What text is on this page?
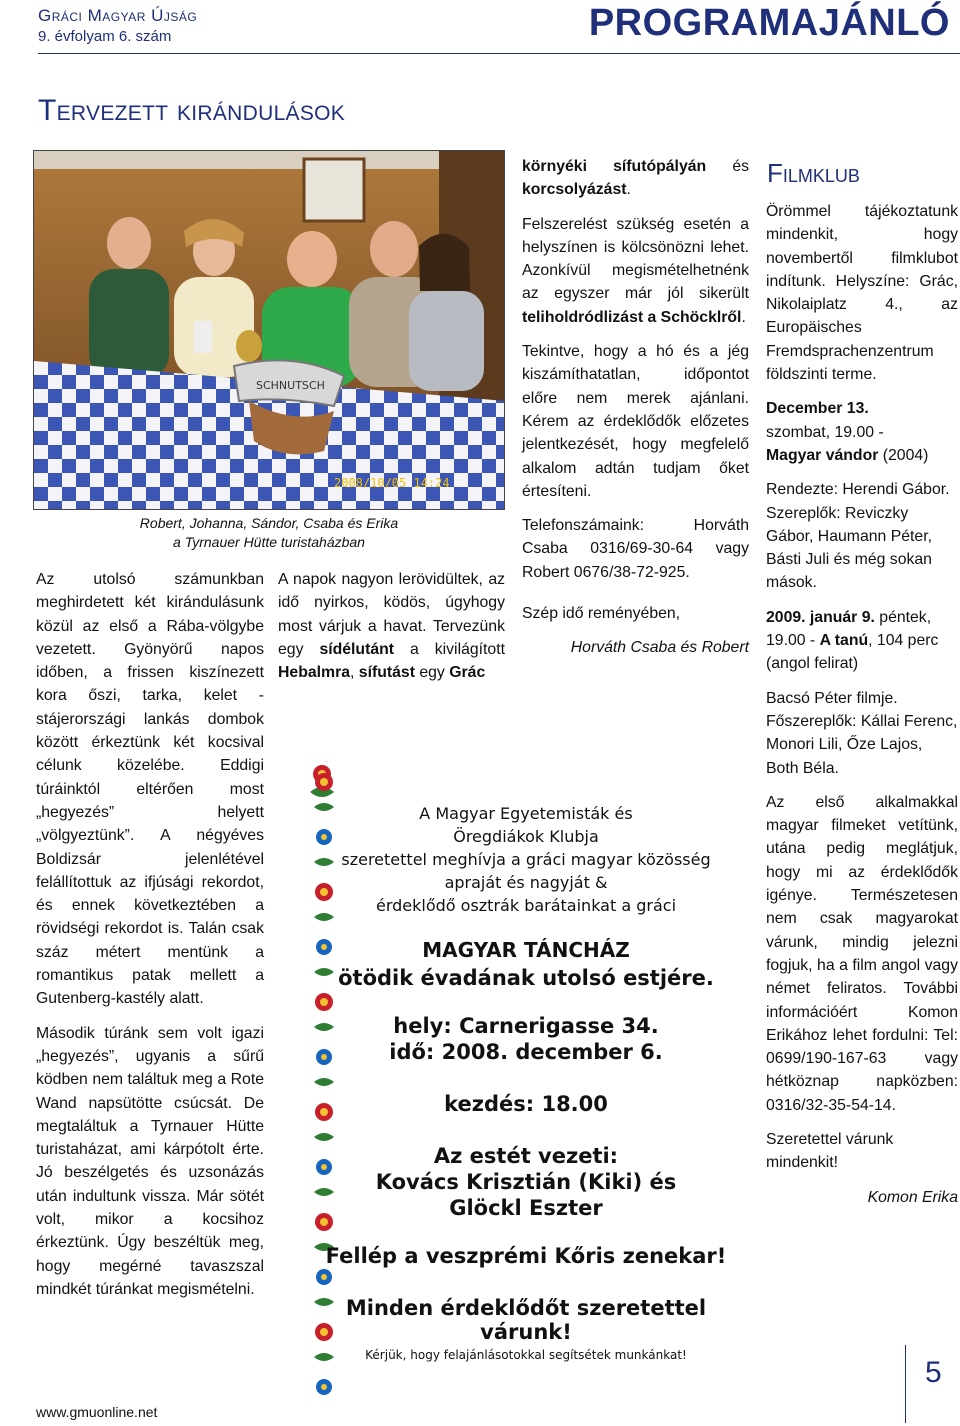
Gráci Magyar Újság
9. évfolyam 6. szám	PROGRAMAJÁNLÓ
Tervezett kirándulások
SCHNUTSCH
2008/10/05 14:24
Robert, Johanna, Sándor, Csaba és Erika
a Tyrnauer Hütte turistaházban

Az utolsó számunkban meghirdetett két kirándulásunk közül az első a Rába-völgybe vezetett. Gyönyörű napos időben, a frissen kiszínezett kora őszi, tarka, kelet -stájerországi lankás dombok között érkeztünk két kocsival célunk közelébe. Eddigi túráinktól eltérően most „hegyezés” helyett „völgyeztünk”. A négyéves Boldizsár jelenlétével felállítottuk az ifjúsági rekordot, és ennek következtében a rövidségi rekordot is. Talán csak száz métert mentünk a romantikus patak mellett a Gutenberg-kastély alatt.

Második túránk sem volt igazi „hegyezés”, ugyanis a sűrű ködben nem találtuk meg a Rote Wand napsütötte csúcsát. De megtaláltuk a Tyrnauer Hütte turistaházat, ami kárpótolt érte. Jó beszélgetés és uzsonázás után indultunk vissza. Már sötét volt, mikor a kocsihoz érkeztünk. Úgy beszéltük meg, hogy megérné tavaszszal mindkét túránkat megismételni.

A napok nagyon lerövidültek, az idő nyirkos, ködös, úgyhogy most várjuk a havat. Tervezünk egy sídélutánt a kivilágított Hebalmra, sífutást egy Grác

környéki sífutópályán és korcsolyázást.

Felszerelést szükség esetén a helyszínen is kölcsönözni lehet. Azonkívül megismételhetnénk az egyszer már jól sikerült teliholdródlizást a Schöcklről.

Tekintve, hogy a hó és a jég kiszámíthatatlan, időpontot előre nem merek ajánlani. Kérem az érdeklődők előzetes jelentkezését, hogy megfelelő alkalom adtán tudjam őket értesíteni.

Telefonszámaink: Horváth Csaba 0316/69-30-64 vagy Robert 0676/38-72-925.

Szép idő reményében,

Horváth Csaba és Robert

Filmklub

Örömmel tájékoztatunk mindenkit, hogy novembertől filmklubot indítunk. Helyszíne: Grác, Nikolaiplatz 4., az Europäisches Fremdsprachenzentrum földszinti terme.

December 13.
szombat, 19.00 -
Magyar vándor (2004)

Rendezte: Herendi Gábor. Szereplők: Reviczky Gábor, Haumann Péter, Básti Juli és még sokan mások.

2009. január 9. péntek,
19.00 - A tanú, 104 perc (angol felirat)

Bacsó Péter filmje. Főszereplők: Kállai Ferenc, Monori Lili, Őze Lajos, Both Béla.

Az első alkalmakkal magyar filmeket vetítünk, utána pedig meglátjuk, hogy mi az érdeklődők igénye. Természetesen nem csak magyarokat várunk, mindig jelezni fogjuk, ha a film angol vagy német feliratos. További információért Komon Erikához lehet fordulni: Tel: 0699/190-167-63 vagy hétköznap napközben: 0316/32-35-54-14.

Szeretettel várunk mindenkit!

Komon Erika

A Magyar Egyetemisták és
Öregdiákok Klubja
szeretettel meghívja a gráci magyar közösség
apraját és nagyját &
érdeklődő osztrák barátainkat a gráci
MAGYAR TÁNCHÁZ
ötödik évadának utolsó estjére.
hely: Carnerigasse 34.
idő: 2008. december 6.
kezdés: 18.00
Az estét vezeti:
Kovács Krisztián (Kiki) és
Glöckl Eszter
Fellép a veszprémi Kőris zenekar!
Minden érdeklődőt szeretettel várunk!
Kérjük, hogy felajánlásotokkal segítsétek munkánkat!
www.gmuonline.net
5
